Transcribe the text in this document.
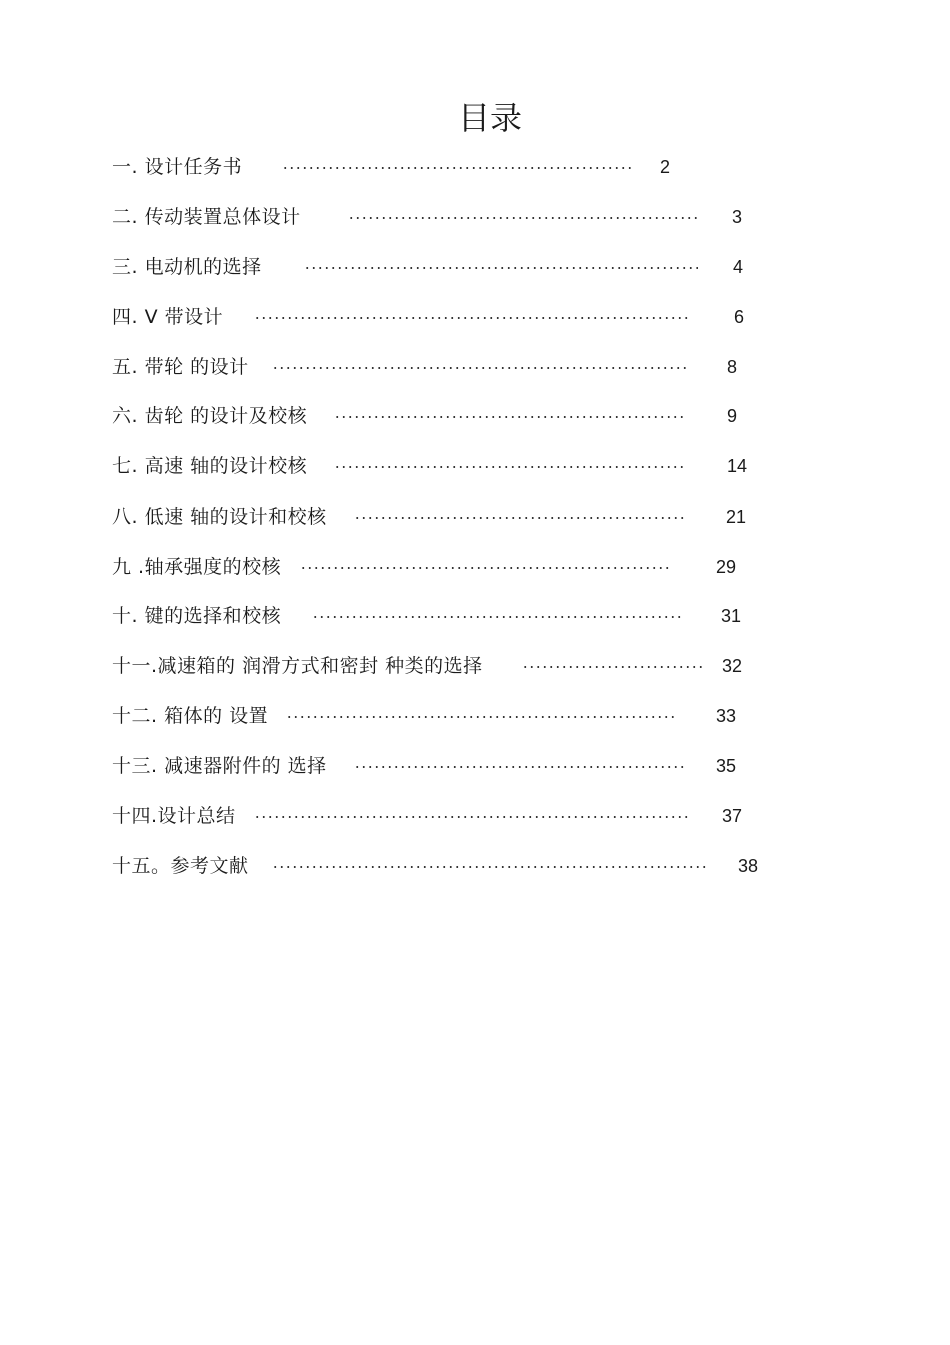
目录
一. 设计任务书	2
二. 传动装置总体设计	3
三. 电动机的选择	4
四. V 带设计	6
五. 带轮 的设计	8
六. 齿轮 的设计及校核	9
七. 高速 轴的设计校核	14
八. 低速 轴的设计和校核	21
九 .轴承强度的校核	29
十. 键的选择和校核	31
十一.减速箱的 润滑方式和密封 种类的选择	32
十二. 箱体的 设置	33
十三. 减速器附件的 选择	35
十四.设计总结	37
十五。参考文献	38
